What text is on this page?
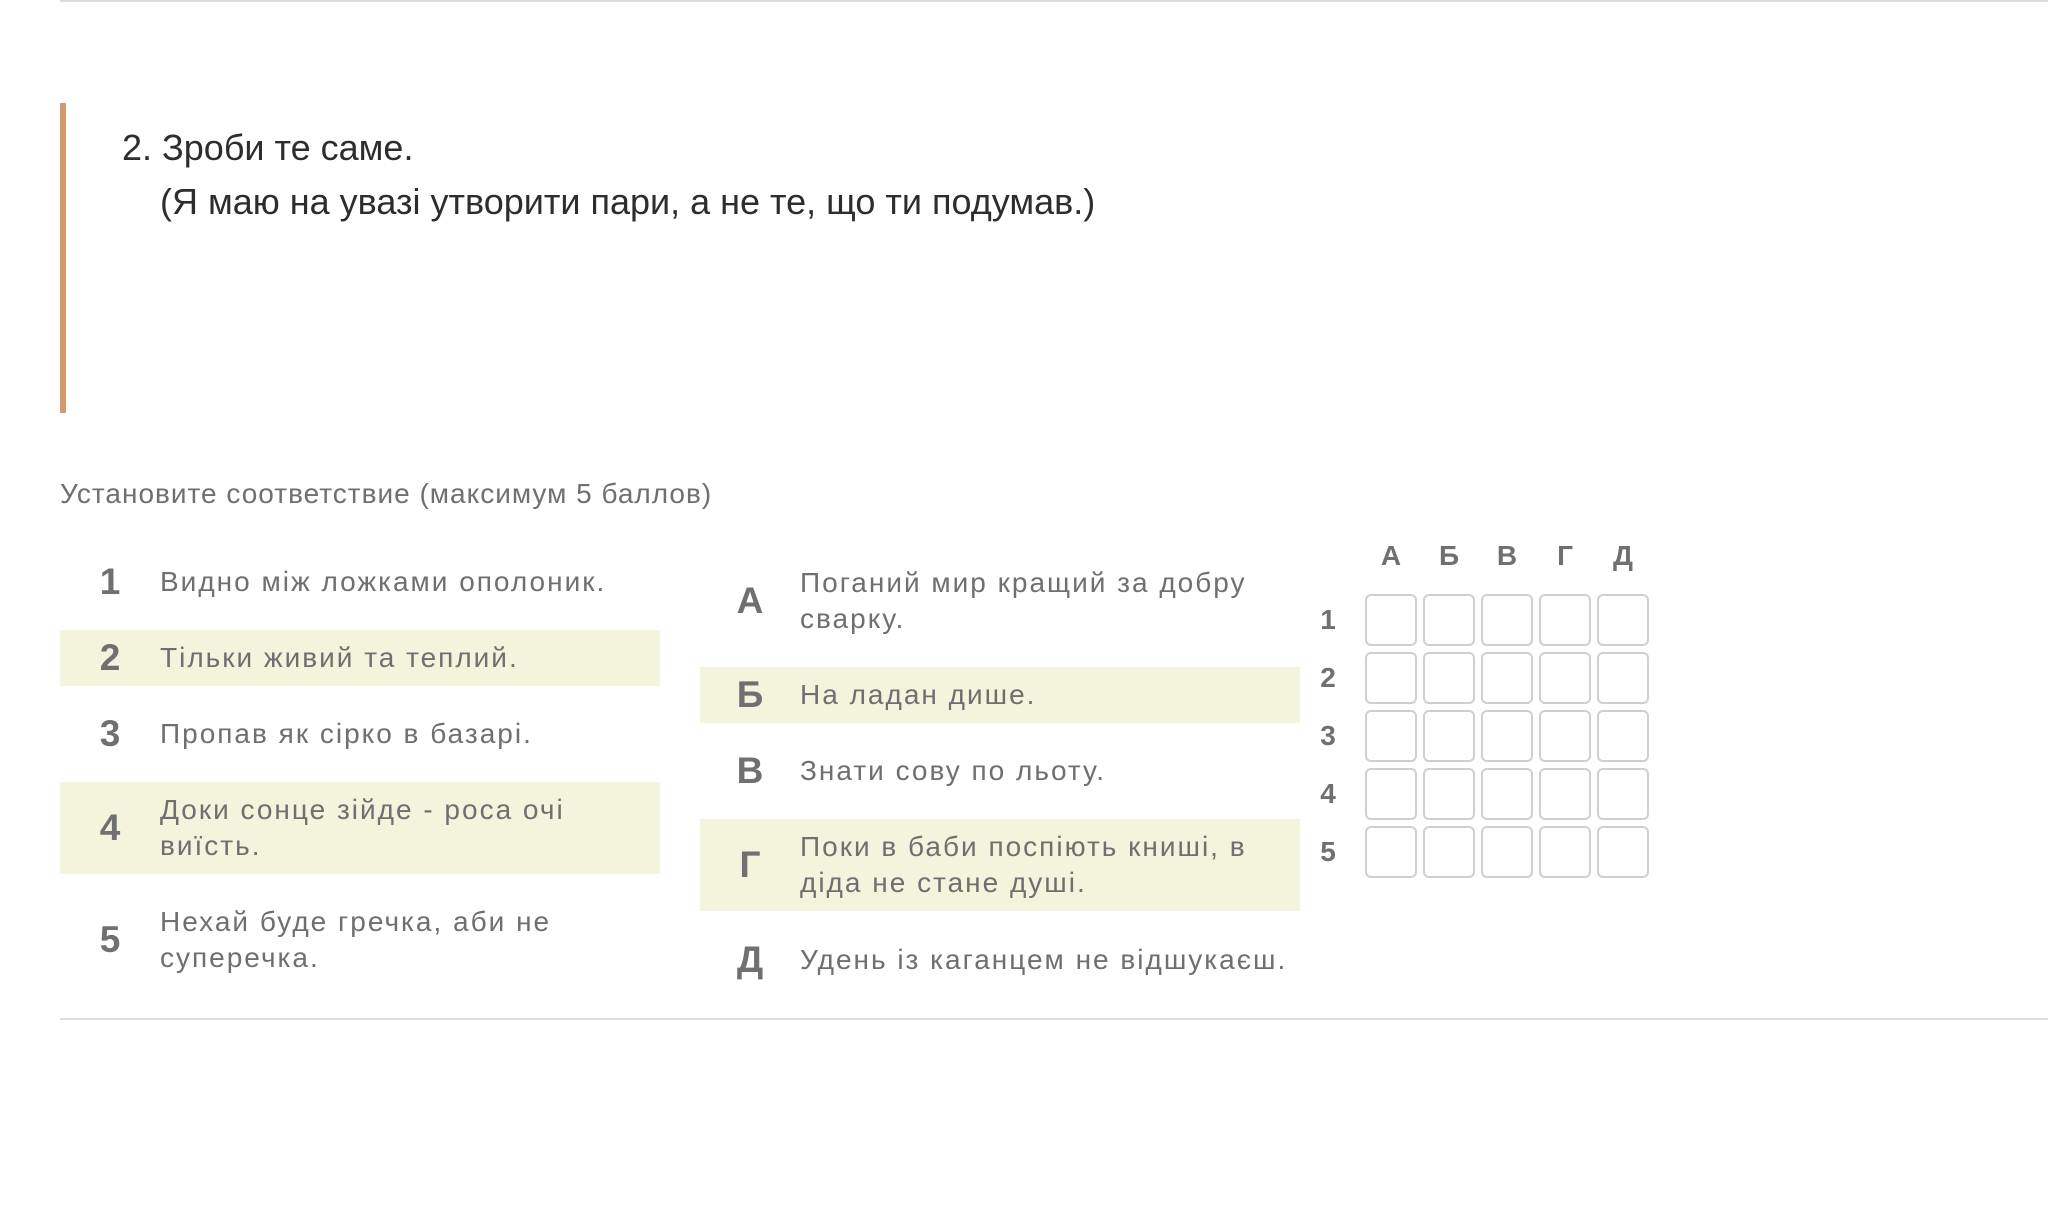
2. Зроби те саме.
(Я маю на увазі утворити пари, а не те, що ти подумав.)
Установите соответствие (максимум 5 баллов)
1	Видно між ложками ополоник.
2	Тільки живий та теплий.
3	Пропав як сірко в базарі.
4	Доки сонце зійде - роса очі виїсть.
5	Нехай буде гречка, аби не суперечка.
А	Поганий мир кращий за добру сварку.
Б	На ладан дише.
В	Знати сову по льоту.
Г	Поки в баби поспіють книші, в діда не стане душі.
Д	Удень із каганцем не відшукаєш.
А	Б	В	Г	Д
1
2
3
4
5
